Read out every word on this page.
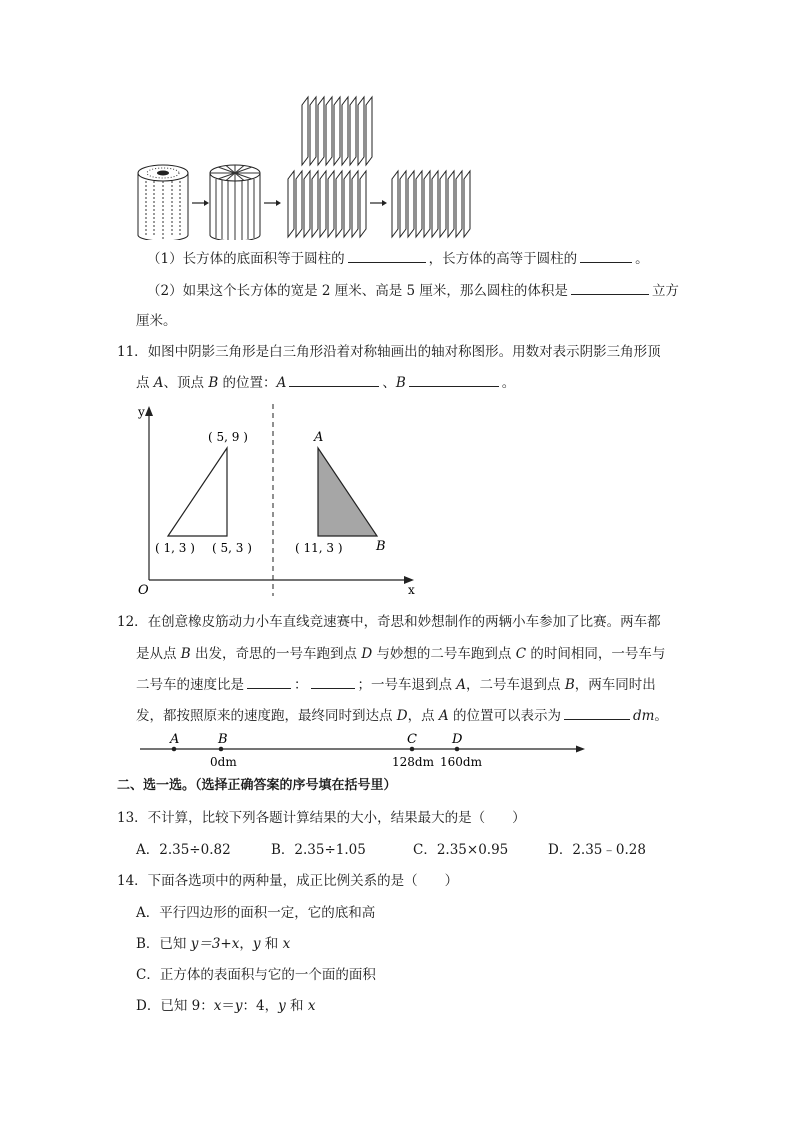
（1）长方体的底面积等于圆柱的	，长方体的高等于圆柱的	。
（2）如果这个长方体的宽是 2 厘米、高是 5 厘米，那么圆柱的体积是	立方
厘米。
11．如图中阴影三角形是白三角形沿着对称轴画出的轴对称图形。用数对表示阴影三角形顶
点 A、顶点 B 的位置：A	、B	。
y
x
O
( 5, 9 )
( 1, 3 ) ( 5, 3 )
A
B
( 11, 3 )
12．在创意橡皮筋动力小车直线竞速赛中，奇思和妙想制作的两辆小车参加了比赛。两车都
是从点 B 出发，奇思的一号车跑到点 D 与妙想的二号车跑到点 C 的时间相同，一号车与
二号车的速度比是	：	；一号车退到点 A，二号车退到点 B，两车同时出
发，都按照原来的速度跑，最终同时到达点 D，点 A 的位置可以表示为	dm。
A	B	C	D
0dm	128dm 160dm
二、选一选。（选择正确答案的序号填在括号里）
13．不计算，比较下列各题计算结果的大小，结果最大的是（　　）
A．2.35÷0.82	B．2.35÷1.05	C．2.35×0.95	D．2.35﹣0.28
14．下面各选项中的两种量，成正比例关系的是（　　）
A．平行四边形的面积一定，它的底和高
B．已知 y＝3+x，y 和 x
C．正方体的表面积与它的一个面的面积
D．已知 9：x＝y：4，y 和 x
